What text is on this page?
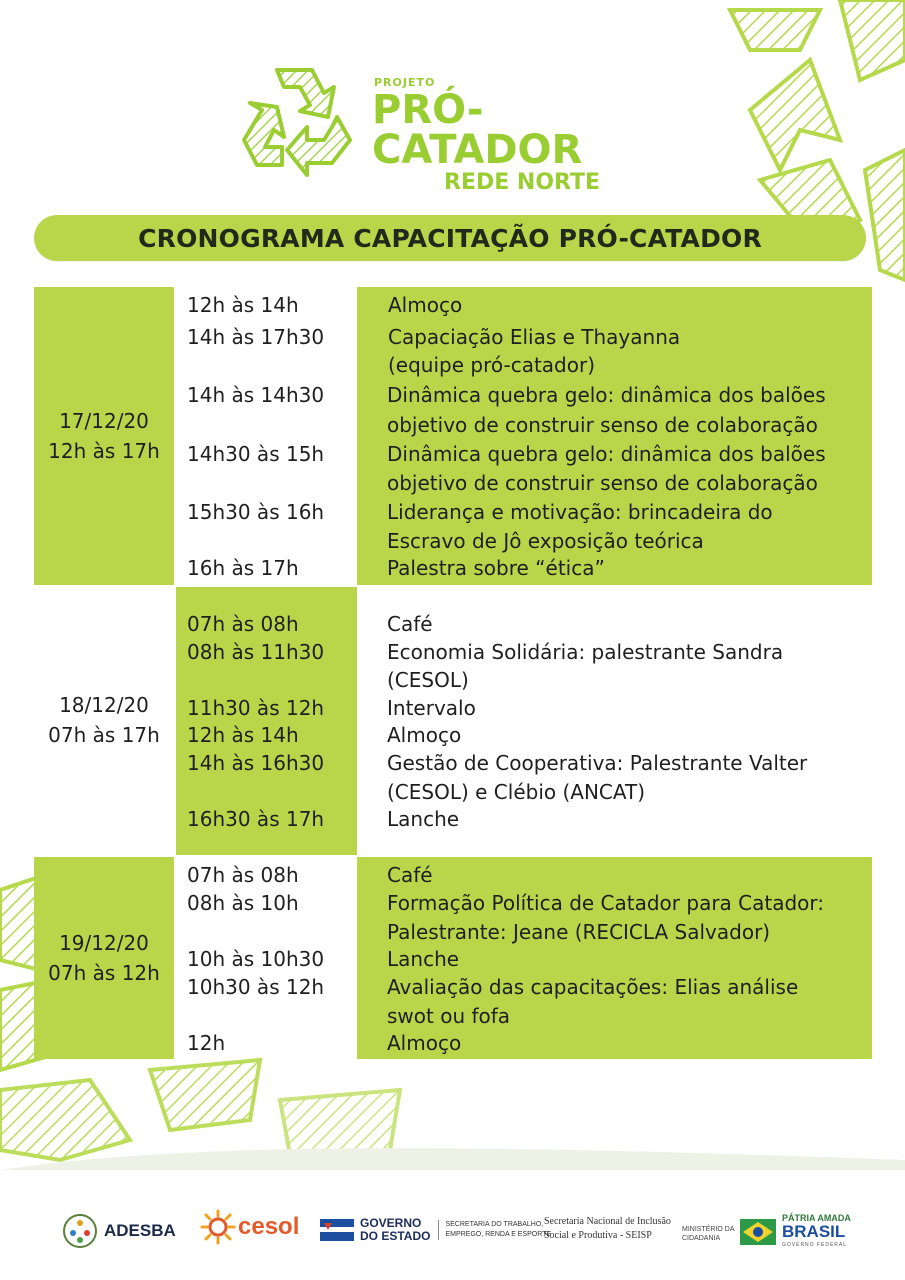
PROJETO
PRÓ-CATADOR
REDE NORTE
CRONOGRAMA CAPACITAÇÃO PRÓ-CATADOR
17/12/20
12h às 17h
12h às 14h	Almoço
14h às 17h30	Capaciação Elias e Thayanna
(equipe pró-catador)
14h às 14h30	Dinâmica quebra gelo: dinâmica dos balões
objetivo de construir senso de colaboração
14h30 às 15h	Dinâmica quebra gelo: dinâmica dos balões
objetivo de construir senso de colaboração
15h30 às 16h	Liderança e motivação: brincadeira do
Escravo de Jô exposição teórica
16h às 17h	Palestra sobre “ética”
18/12/20
07h às 17h
07h às 08h	Café
08h às 11h30	Economia Solidária: palestrante Sandra
(CESOL)
11h30 às 12h	Intervalo
12h às 14h	Almoço
14h às 16h30	Gestão de Cooperativa: Palestrante Valter
(CESOL) e Clébio (ANCAT)
16h30 às 17h	Lanche
19/12/20
07h às 12h
07h às 08h	Café
08h às 10h	Formação Política de Catador para Catador:
Palestrante: Jeane (RECICLA Salvador)
10h às 10h30	Lanche
10h30 às 12h	Avaliação das capacitações: Elias análise
swot ou fofa
12h	Almoço
ADESBA	cesol	GOVERNO
DO ESTADO
SECRETARIA DO TRABALHO,
EMPREGO, RENDA E ESPORTE
Secretaria Nacional de Inclusão
Social e Produtiva - SEISP
MINISTÉRIO DA
CIDADANIA
PÁTRIA AMADA
BRASIL
GOVERNO FEDERAL
